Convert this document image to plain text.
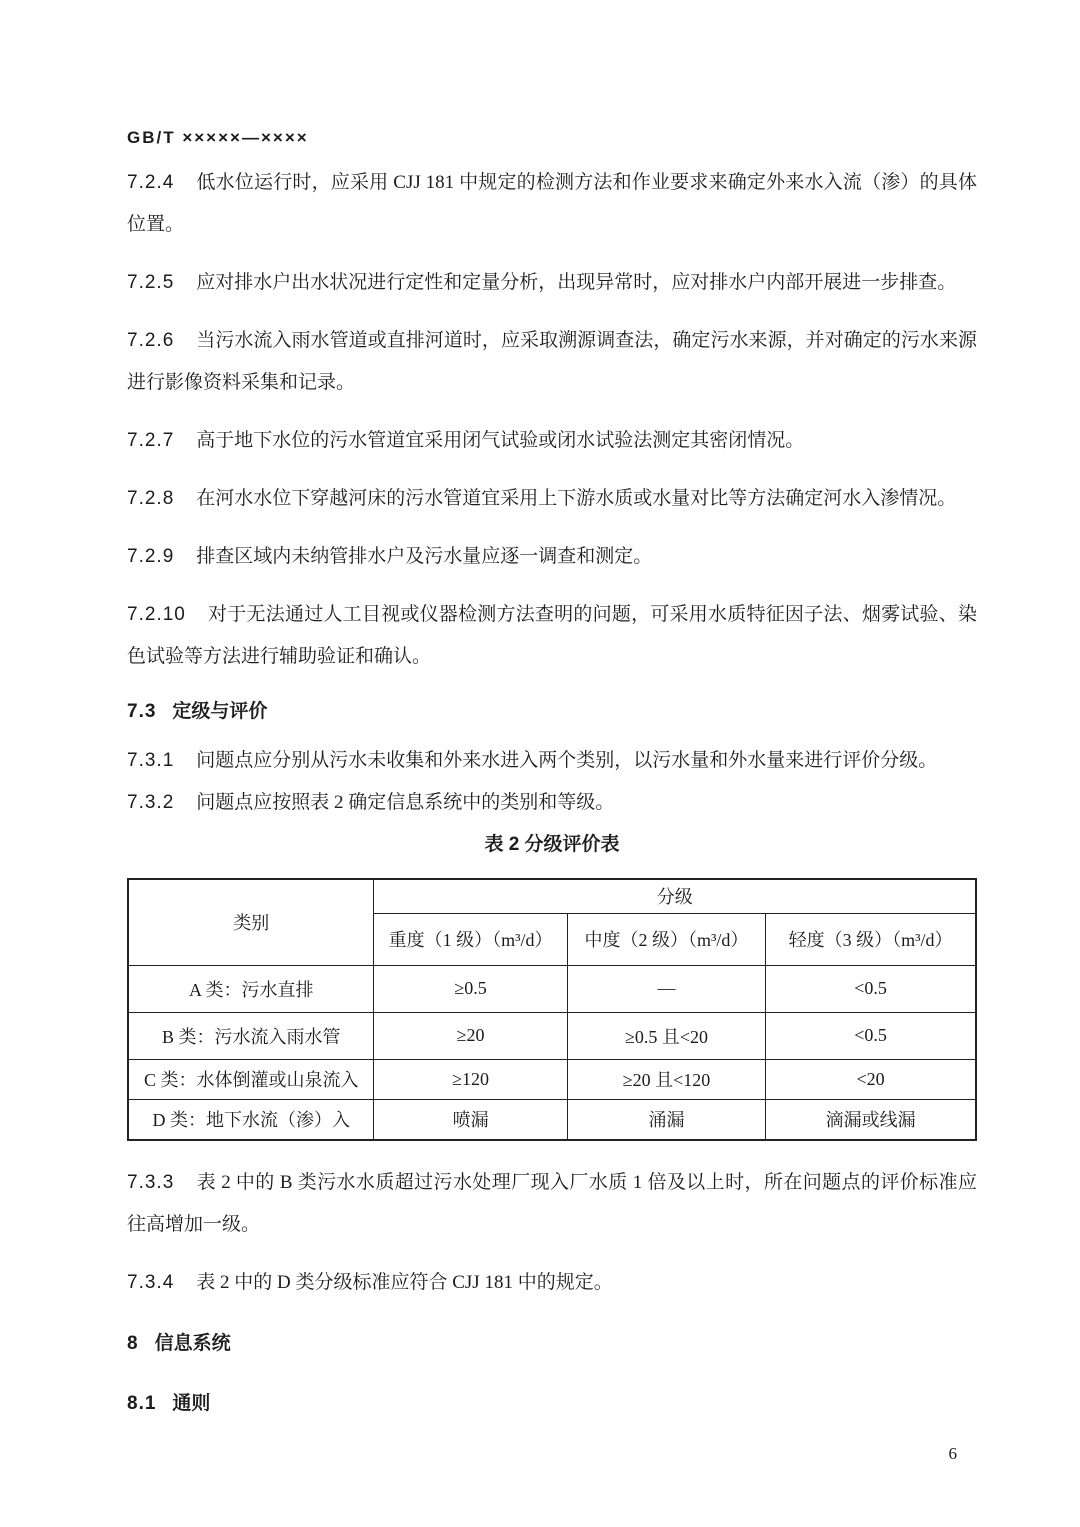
GB/T ×××××—××××

7.2.4 低水位运行时，应采用 CJJ 181 中规定的检测方法和作业要求来确定外来水入流（渗）的具体位置。

7.2.5 应对排水户出水状况进行定性和定量分析，出现异常时，应对排水户内部开展进一步排查。

7.2.6 当污水流入雨水管道或直排河道时，应采取溯源调查法，确定污水来源，并对确定的污水来源进行影像资料采集和记录。

7.2.7 高于地下水位的污水管道宜采用闭气试验或闭水试验法测定其密闭情况。

7.2.8 在河水水位下穿越河床的污水管道宜采用上下游水质或水量对比等方法确定河水入渗情况。

7.2.9 排查区域内未纳管排水户及污水量应逐一调查和测定。

7.2.10 对于无法通过人工目视或仪器检测方法查明的问题，可采用水质特征因子法、烟雾试验、染色试验等方法进行辅助验证和确认。

7.3 定级与评价

7.3.1 问题点应分别从污水未收集和外来水进入两个类别，以污水量和外水量来进行评价分级。

7.3.2 问题点应按照表 2 确定信息系统中的类别和等级。

表 2 分级评价表

类别	分级		
	重度（1 级）（m³/d）	中度（2 级）（m³/d）	轻度（3 级）（m³/d）
A 类：污水直排	≥0.5	—	<0.5
B 类：污水流入雨水管	≥20	≥0.5 且<20	<0.5
C 类：水体倒灌或山泉流入	≥120	≥20 且<120	<20
D 类：地下水流（渗）入	喷漏	涌漏	滴漏或线漏

7.3.3 表 2 中的 B 类污水水质超过污水处理厂现入厂水质 1 倍及以上时，所在问题点的评价标准应往高增加一级。

7.3.4 表 2 中的 D 类分级标准应符合 CJJ 181 中的规定。

8 信息系统
8.1 通则
6
